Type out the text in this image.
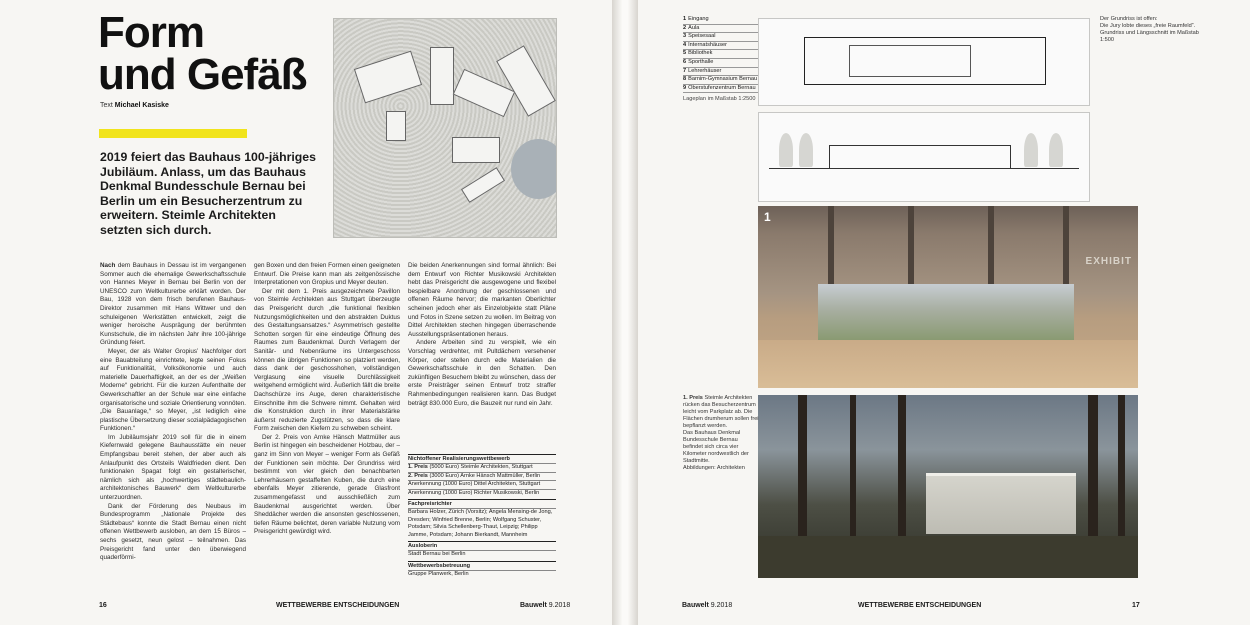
Form
und Gefäß
Text Michael Kasiske
2019 feiert das Bauhaus 100-jähriges Jubiläum. Anlass, um das Bauhaus Denkmal Bundesschule Bernau bei Berlin um ein Besucherzentrum zu erweitern. Steimle Architekten setzten sich durch.

Nach dem Bauhaus in Dessau ist im vergangenen Sommer auch die ehemalige Gewerkschaftsschule von Hannes Meyer in Bernau bei Berlin von der UNESCO zum Weltkulturerbe erklärt worden. Der Bau, 1928 von dem frisch berufenen Bauhaus-Direktor zusammen mit Hans Wittwer und den schuleigenen Werkstätten entwickelt, zeigt die weniger heroische Ausprägung der berühmten Kunstschule, die im nächsten Jahr ihre 100-jährige Gründung feiert.

Meyer, der als Walter Gropius’ Nachfolger dort eine Bauabteilung einrichtete, legte seinen Fokus auf Funktionalität, Volksökonomie und auch materielle Dauerhaftigkeit, an der es der „Weißen Moderne“ gebricht. Für die kurzen Aufenthalte der Gewerkschaftler an der Schule war eine einfache organisatorische und soziale Orientierung vonnöten. „Die Bauanlage,“ so Meyer, „ist lediglich eine plastische Übersetzung dieser sozialpädagogischen Funktionen.“

Im Jubiläumsjahr 2019 soll für die in einem Kiefernwald gelegene Bauhausstätte ein neuer Empfangsbau bereit stehen, der aber auch als Anlaufpunkt des Ortsteils Waldfrieden dient. Den funktionalen Spagat folgt ein gestalterischer, nämlich sich als „hochwertiges städtebaulich-architektonisches Bauwerk“ dem Weltkulturerbe unterzuordnen.

Dank der Förderung des Neubaus im Bundesprogramm „Nationale Projekte des Städtebaus“ konnte die Stadt Bernau einen nicht offenen Wettbewerb ausloben, an dem 15 Büros – sechs gesetzt, neun gelost – teilnahmen. Das Preisgericht fand unter den überwiegend quaderförmi-

gen Boxen und den freien Formen einen geeigneten Entwurf. Die Preise kann man als zeitgenössische Interpretationen von Gropius und Meyer deuten.

Der mit dem 1. Preis ausgezeichnete Pavillon von Steimle Architekten aus Stuttgart überzeugte das Preisgericht durch „die funktional flexiblen Nutzungsmöglichkeiten und den abstrakten Duktus des Gestaltungsansatzes.“ Asymmetrisch gestellte Schotten sorgen für eine eindeutige Öffnung des Raumes zum Baudenkmal. Durch Verlagern der Sanitär- und Nebenräume ins Untergeschoss können die übrigen Funktionen so platziert werden, dass dank der geschosshohen, vollständigen Verglasung eine visuelle Durchlässigkeit weitgehend ermöglicht wird. Äußerlich fällt die breite Dachschürze ins Auge, deren charakteristische Einschnitte ihm die Schwere nimmt. Gehalten wird die Konstruktion durch in ihrer Materialstärke äußerst reduzierte Zugstützen, so dass die klare Form zwischen den Kiefern zu schweben scheint.

Der 2. Preis von Arnke Hänsch Mattmüller aus Berlin ist hingegen ein bescheidener Holzbau, der – ganz im Sinn von Meyer – weniger Form als Gefäß der Funktionen sein möchte. Der Grundriss wird bestimmt von vier gleich den benachbarten Lehrerhäusern gestaffelten Kuben, die durch eine ebenfalls Meyer zitierende, gerade Glasfront zusammengefasst und ausschließlich zum Baudenkmal ausgerichtet werden. Über Sheddächer werden die ansonsten geschlossenen, tiefen Räume belichtet, deren variable Nutzung vom Preisgericht gewürdigt wird.

Die beiden Anerkennungen sind formal ähnlich: Bei dem Entwurf von Richter Musikowski Architekten hebt das Preisgericht die ausgewogene und flexibel bespielbare Anordnung der geschlossenen und offenen Räume hervor; die markanten Oberlichter scheinen jedoch eher als Einzelobjekte statt Pläne und Fotos in Szene setzen zu wollen. Im Beitrag von Dittel Architekten stechen hingegen überraschende Ausstellungspräsentationen heraus.

Andere Arbeiten sind zu verspielt, wie ein Vorschlag verdrehter, mit Pultdächern versehener Körper, oder stellen durch edle Materialien die Gewerkschaftsschule in den Schatten. Den zukünftigen Besuchern bleibt zu wünschen, dass der erste Preisträger seinen Entwurf trotz straffer Rahmenbedingungen realisieren kann. Das Budget beträgt 830.000 Euro, die Bauzeit nur rund ein Jahr.

Nichtoffener Realisierungswettbewerb
1. Preis (5000 Euro) Steimle Architekten, Stuttgart
2. Preis (3000 Euro) Arnke Hänsch Mattmüller, Berlin
Anerkennung (1000 Euro) Dittel Architekten, Stuttgart
Anerkennung (1000 Euro) Richter Musikowski, Berlin
Fachpreisrichter
Barbara Holzer, Zürich (Vorsitz); Angela Mensing-de Jong, Dresden; Winfried Brenne, Berlin; Wolfgang Schuster, Potsdam; Silvia Schellenberg-Thaut, Leipzig; Philipp Jamme, Potsdam; Johann Bierkandt, Mannheim
Ausloberin
Stadt Bernau bei Berlin
Wettbewerbsbetreuung
Gruppe Planwerk, Berlin
16	WETTBEWERBE ENTSCHEIDUNGEN	Bauwelt 9.2018
1 Eingang
2 Aula
3 Speisesaal
4 Internatshäuser
5 Bibliothek
6 Sporthalle
7 Lehrerhäuser
8 Barnim-Gymnasium Bernau
9 Oberstufenzentrum Bernau
Lageplan im Maßstab 1:2500
Der Grundriss ist offen:
Die Jury lobte dieses „freie Raumfeld“.
Grundriss und Längsschnitt im Maßstab 1:500
EXHIBIT
1
1. Preis Steimle Architekten rücken das Besucherzentrum leicht vom Parkplatz ab. Die Flächen drumherum sollen frei bepflanzt werden.
Das Bauhaus Denkmal Bundesschule Bernau befindet sich circa vier Kilometer nordwestlich der Stadtmitte.
Abbildungen: Architekten
Bauwelt 9.2018	WETTBEWERBE ENTSCHEIDUNGEN	17
